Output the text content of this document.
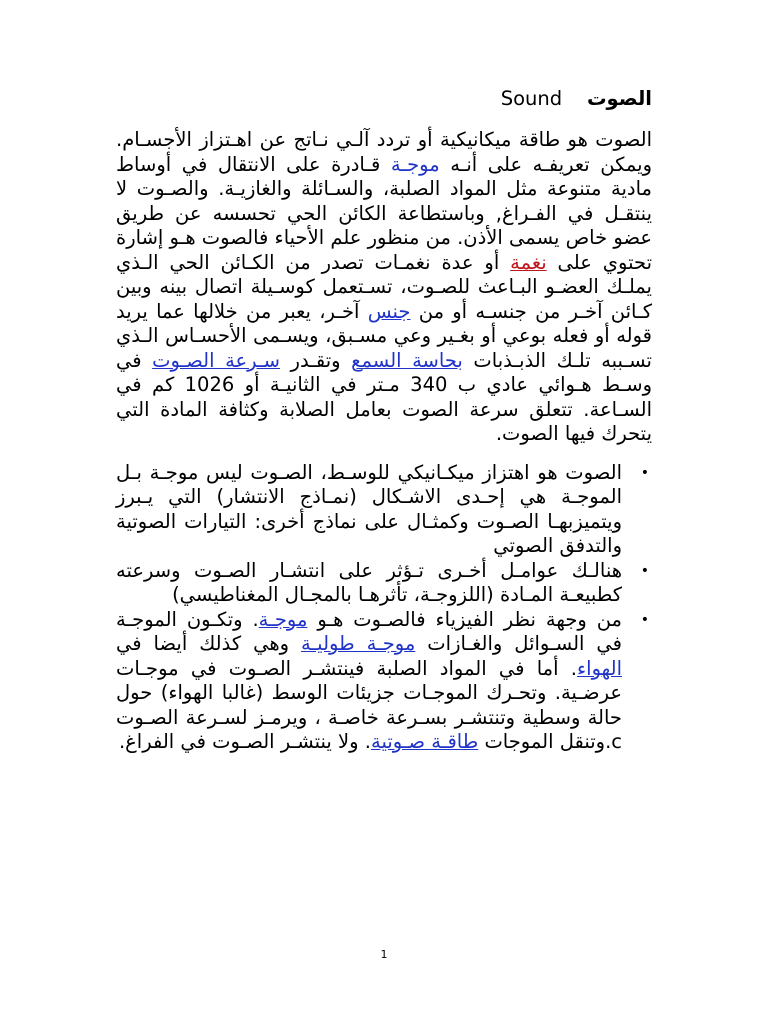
الصوت    Sound

الصوت هو طاقة ميكانيكية أو تردد آلـي نـاتج عن اهـتزاز الأجسـام. ويمكن تعريفـه على أنـه موجـة قـادرة على الانتقال في أوساط مادية متنوعة مثل المواد الصلبة، والسـائلة والغازيـة. والصـوت لا ينتقـل في الفـراغ, وباستطاعة الكائن الحي تحسسه عن طريق عضو خاص يسمى الأذن. من منظور علم الأحياء فالصوت هـو إشارة تحتوي على نغمة أو عدة نغمـات تصدر من الكـائن الحي الـذي يملـك العضـو البـاعث للصـوت، تسـتعمل كوسـيلة اتصال بينه وبين كـائن آخـر من جنسـه أو من جنس آخـر، يعبر من خلالها عما يريد قوله أو فعله بوعي أو بغـير وعي مسـبق، ويسـمى الأحسـاس الـذي تسـببه تلـك الذبـذبات بحاسة السمع وتقـدر سـرعة الصـوت في وسـط هـوائي عادي ب 340 مـتر في الثانيـة أو 1026 كم في السـاعة. تتعلق سرعة الصوت بعامل الصلابة وكثافة المادة التي يتحرك فيها الصوت.

•
الصوت هو اهتزاز ميكـانيكي للوسـط، الصـوت ليس موجـة بـل الموجـة هي إحـدى الاشـكال (نمـاذج الانتشار) التي يـبرز ويتميزبهـا الصـوت وكمثـال على نماذج أخرى: التيارات الصوتية والتدفق الصوتي
•
هنالـك عوامـل أخـرى تـؤثر على انتشـار الصـوت وسرعته كطبيعـة المـادة (اللزوجـة، تأثرهـا بالمجـال المغناطيسي)
•
من وجهة نظر الفيزياء فالصـوت هـو موجـة. وتكـون الموجـة في السـوائل والغـازات موجـة طوليـة وهي كذلك أيضا في الهواء. أما في المواد الصلبة فينتشـر الصـوت في موجـات عرضـية. وتحـرك الموجـات جزيئات الوسط (غالبا الهواء) حول حالة وسطية وتنتشـر بسـرعة خاصـة ، ويرمـز لسـرعة الصـوت c.وتنقل الموجات طاقـة صـوتية. ولا ينتشـر الصـوت في الفراغ.
1
